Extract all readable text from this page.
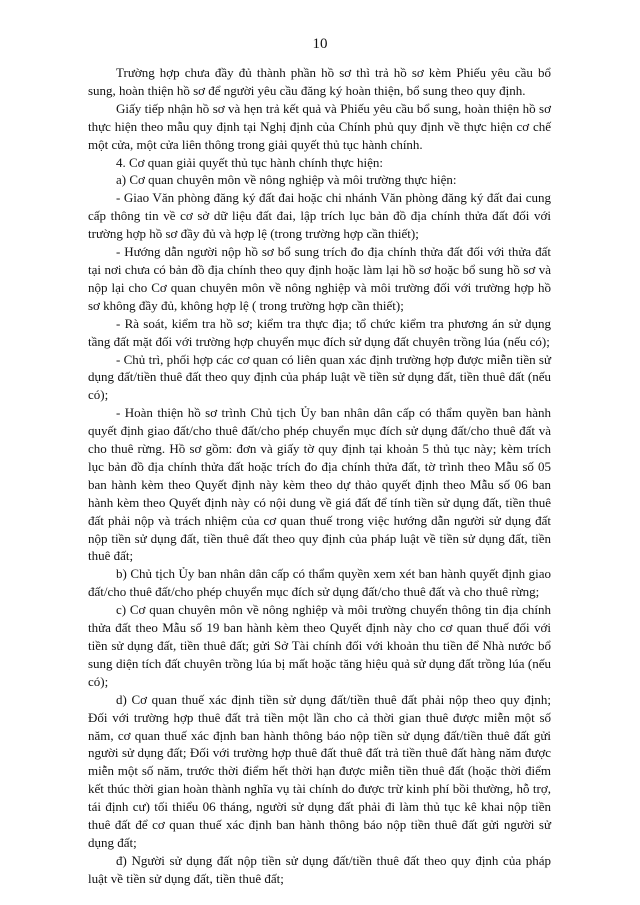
10

Trường hợp chưa đầy đủ thành phần hồ sơ thì trả hồ sơ kèm Phiếu yêu cầu bổ sung, hoàn thiện hồ sơ để người yêu cầu đăng ký hoàn thiện, bổ sung theo quy định.

Giấy tiếp nhận hồ sơ và hẹn trả kết quả và Phiếu yêu cầu bổ sung, hoàn thiện hồ sơ thực hiện theo mẫu quy định tại Nghị định của Chính phủ quy định về thực hiện cơ chế một cửa, một cửa liên thông trong giải quyết thủ tục hành chính.

4. Cơ quan giải quyết thủ tục hành chính thực hiện:

a) Cơ quan chuyên môn về nông nghiệp và môi trường thực hiện:

- Giao Văn phòng đăng ký đất đai hoặc chi nhánh Văn phòng đăng ký đất đai cung cấp thông tin về cơ sở dữ liệu đất đai, lập trích lục bản đồ địa chính thửa đất đối với trường hợp hồ sơ đầy đủ và hợp lệ (trong trường hợp cần thiết);

- Hướng dẫn người nộp hồ sơ bổ sung trích đo địa chính thửa đất đối với thửa đất tại nơi chưa có bản đồ địa chính theo quy định hoặc làm lại hồ sơ hoặc bổ sung hồ sơ và nộp lại cho Cơ quan chuyên môn về nông nghiệp và môi trường đối với trường hợp hồ sơ không đầy đủ, không hợp lệ ( trong trường hợp cần thiết);

- Rà soát, kiểm tra hồ sơ; kiểm tra thực địa; tổ chức kiểm tra phương án sử dụng tầng đất mặt đối với trường hợp chuyển mục đích sử dụng đất chuyên trồng lúa (nếu có);

- Chủ trì, phối hợp các cơ quan có liên quan xác định trường hợp được miễn tiền sử dụng đất/tiền thuê đất theo quy định của pháp luật về tiền sử dụng đất, tiền thuê đất (nếu có);

- Hoàn thiện hồ sơ trình Chủ tịch Ủy ban nhân dân cấp có thẩm quyền ban hành quyết định giao đất/cho thuê đất/cho phép chuyển mục đích sử dụng đất/cho thuê đất và cho thuê rừng. Hồ sơ gồm: đơn và giấy tờ quy định tại khoản 5 thủ tục này; kèm trích lục bản đồ địa chính thửa đất hoặc trích đo địa chính thửa đất, tờ trình theo Mẫu số 05 ban hành kèm theo Quyết định này kèm theo dự thảo quyết định theo Mẫu số 06 ban hành kèm theo Quyết định này có nội dung về giá đất để tính tiền sử dụng đất, tiền thuê đất phải nộp và trách nhiệm của cơ quan thuế trong việc hướng dẫn người sử dụng đất nộp tiền sử dụng đất, tiền thuê đất theo quy định của pháp luật về tiền sử dụng đất, tiền thuê đất;

b) Chủ tịch Ủy ban nhân dân cấp có thẩm quyền xem xét ban hành quyết định giao đất/cho thuê đất/cho phép chuyển mục đích sử dụng đất/cho thuê đất và cho thuê rừng;

c) Cơ quan chuyên môn về nông nghiệp và môi trường chuyển thông tin địa chính thửa đất theo Mẫu số 19 ban hành kèm theo Quyết định này cho cơ quan thuế đối với tiền sử dụng đất, tiền thuê đất; gửi Sở Tài chính đối với khoản thu tiền để Nhà nước bổ sung diện tích đất chuyên trồng lúa bị mất hoặc tăng hiệu quả sử dụng đất trồng lúa (nếu có);

d) Cơ quan thuế xác định tiền sử dụng đất/tiền thuê đất phải nộp theo quy định; Đối với trường hợp thuê đất trả tiền một lần cho cả thời gian thuê được miễn một số năm, cơ quan thuế xác định ban hành thông báo nộp tiền sử dụng đất/tiền thuê đất gửi người sử dụng đất; Đối với trường hợp thuê đất thuê đất trả tiền thuê đất hàng năm được miễn một số năm, trước thời điểm hết thời hạn được miễn tiền thuê đất (hoặc thời điểm kết thúc thời gian hoàn thành nghĩa vụ tài chính do được trừ kinh phí bồi thường, hỗ trợ, tái định cư) tối thiểu 06 tháng, người sử dụng đất phải đi làm thủ tục kê khai nộp tiền thuê đất để cơ quan thuế xác định ban hành thông báo nộp tiền thuê đất gửi người sử dụng đất;

đ) Người sử dụng đất nộp tiền sử dụng đất/tiền thuê đất theo quy định của pháp luật về tiền sử dụng đất, tiền thuê đất;
